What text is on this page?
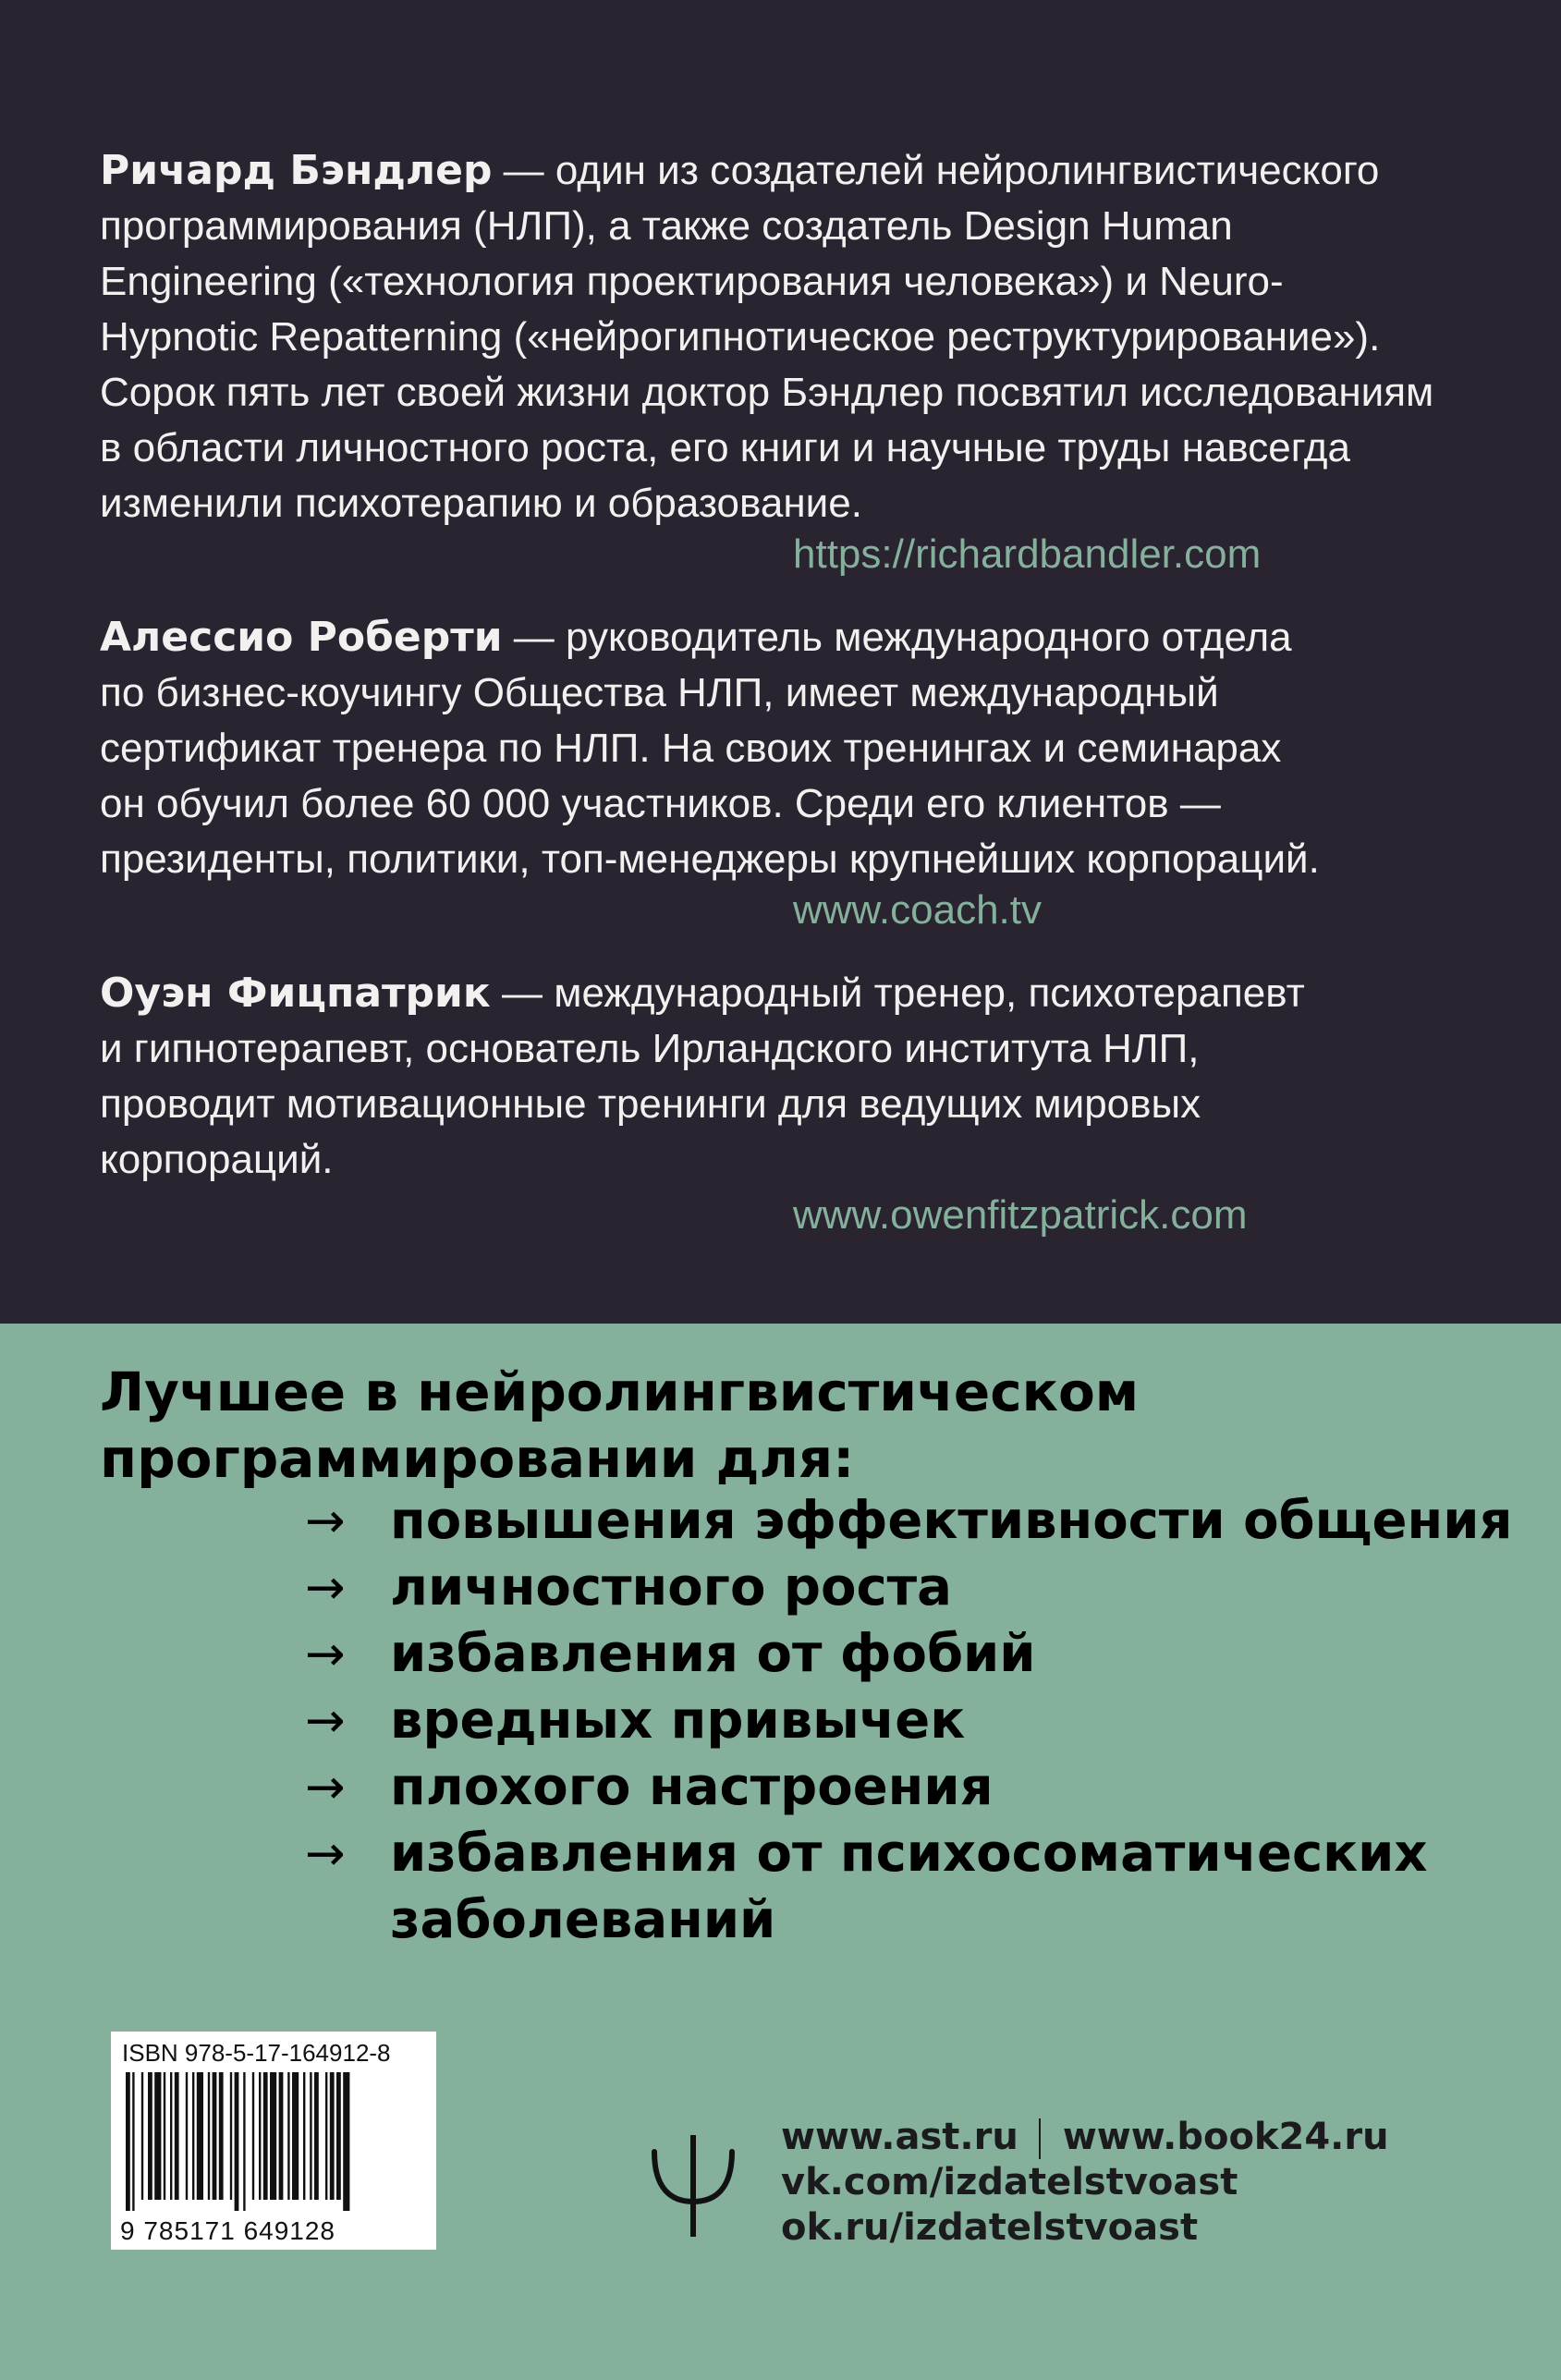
Ричард Бэндлер — один из создателей нейролингвистического
программирования (НЛП), а также создатель Design Human
Engineering («технология проектирования человека») и Neuro-
Hypnotic Repatterning («нейрогипнотическое реструктурирование»).
Сорок пять лет своей жизни доктор Бэндлер посвятил исследованиям
в области личностного роста, его книги и научные труды навсегда
изменили психотерапию и образование.
https://richardbandler.com
Алессио Роберти — руководитель международного отдела
по бизнес-коучингу Общества НЛП, имеет международный
сертификат тренера по НЛП. На своих тренингах и семинарах
он обучил более 60 000 участников. Среди его клиентов —
президенты, политики, топ-менеджеры крупнейших корпораций.
www.coach.tv
Оуэн Фицпатрик — международный тренер, психотерапевт
и гипнотерапевт, основатель Ирландского института НЛП,
проводит мотивационные тренинги для ведущих мировых
корпораций.
www.owenfitzpatrick.com
Лучшее в нейролингвистическом
программировании для:
→ повышения эффективности общения
→ личностного роста
→ избавления от фобий
→ вредных привычек
→ плохого настроения
→ избавления от психосоматических
заболеваний
ISBN 978-5-17-164912-8
9 785171 649128
www.ast.ru www.book24.ru
vk.com/izdatelstvoast
ok.ru/izdatelstvoast
